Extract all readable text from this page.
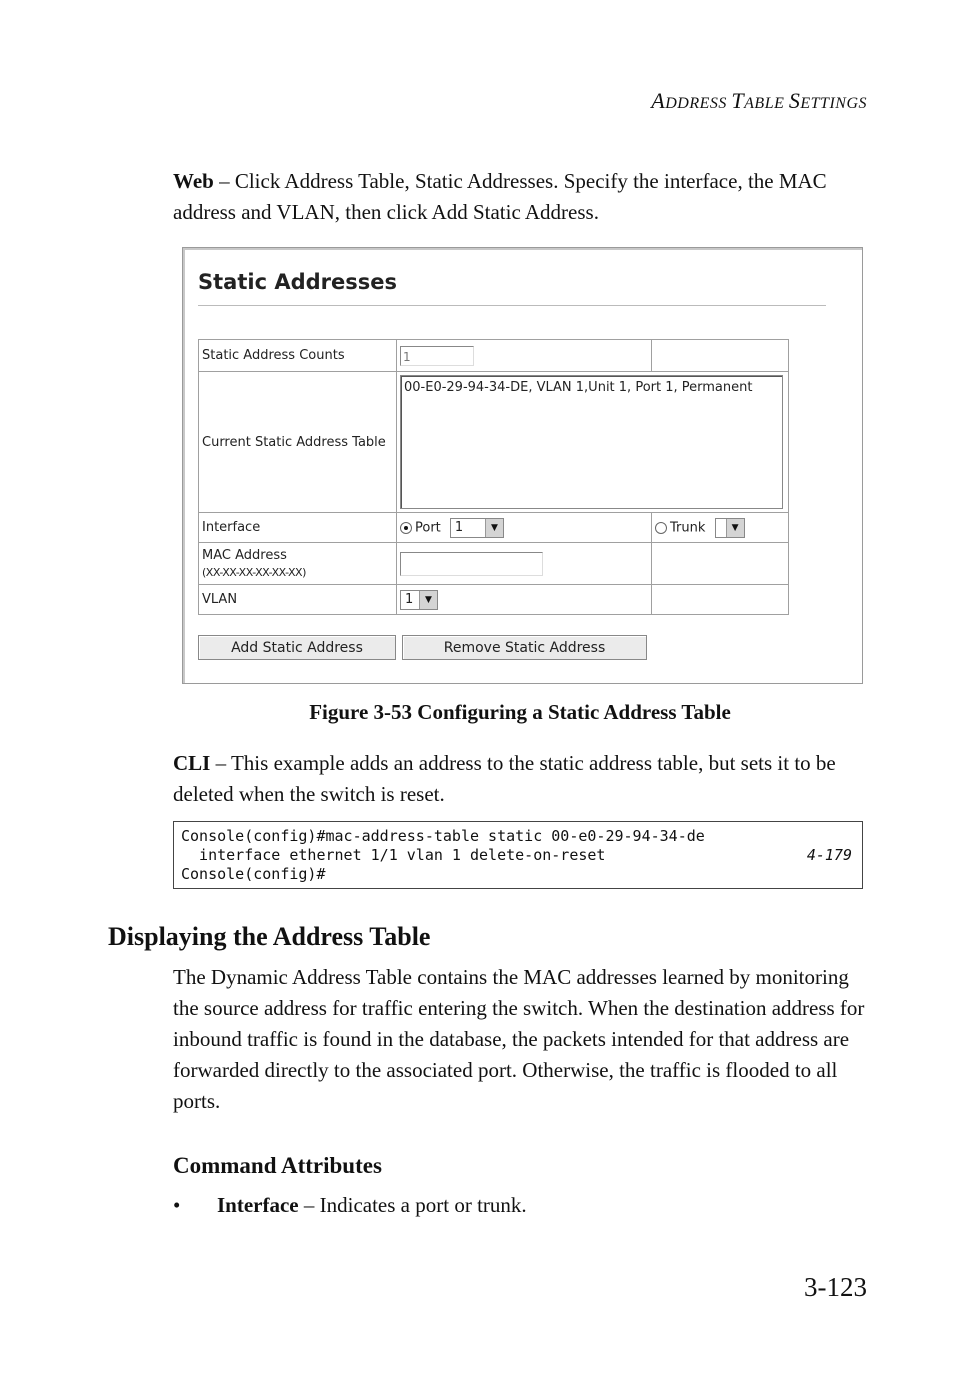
ADDRESS TABLE SETTINGS
Web – Click Address Table, Static Addresses. Specify the interface, the MAC address and VLAN, then click Add Static Address.
Static Addresses
Static Address Counts	1	

Current Static Address Table	00-E0-29-94-34-DE, VLAN 1,Unit 1, Port 1, Permanent	

Interface	Port 1 ▼	Trunk ▼

MAC Address
(XX-XX-XX-XX-XX-XX)		

VLAN	1 ▼	

Add Static Address	Remove Static Address
Figure 3-53 Configuring a Static Address Table
CLI – This example adds an address to the static address table, but sets it to be deleted when the switch is reset.
Console(config)#mac-address-table static 00-e0-29-94-34-de
interface ethernet 1/1 vlan 1 delete-on-reset
Console(config)#
4-179
Displaying the Address Table
The Dynamic Address Table contains the MAC addresses learned by monitoring the source address for traffic entering the switch. When the destination address for inbound traffic is found in the database, the packets intended for that address are forwarded directly to the associated port. Otherwise, the traffic is flooded to all ports.
Command Attributes
• Interface – Indicates a port or trunk.
3-123
